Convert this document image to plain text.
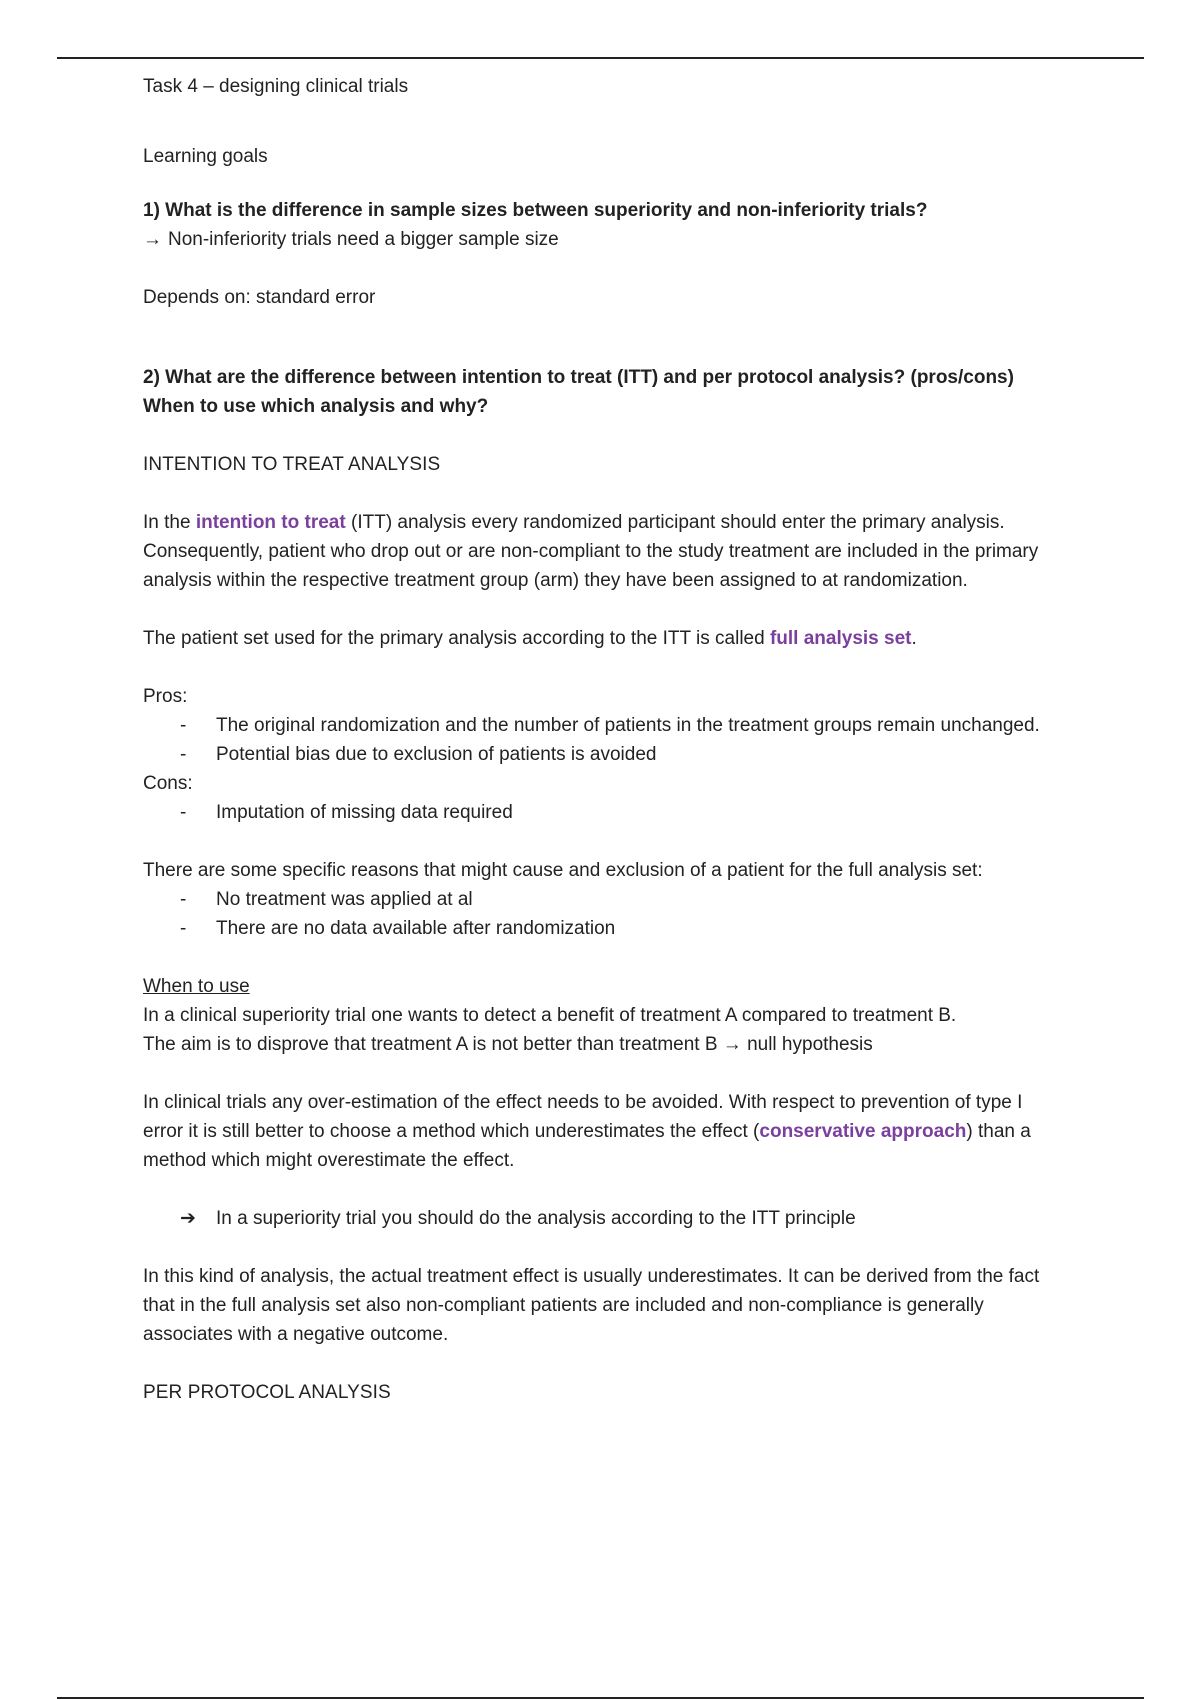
Task 4 – designing clinical trials

Learning goals

1) What is the difference in sample sizes between superiority and non-inferiority trials?

→ Non-inferiority trials need a bigger sample size

Depends on: standard error

2) What are the difference between intention to treat (ITT) and per protocol analysis? (pros/cons)

When to use which analysis and why?

INTENTION TO TREAT ANALYSIS

In the intention to treat (ITT) analysis every randomized participant should enter the primary analysis. Consequently, patient who drop out or are non-compliant to the study treatment are included in the primary analysis within the respective treatment group (arm) they have been assigned to at randomization.

The patient set used for the primary analysis according to the ITT is called full analysis set.

Pros:

-	The original randomization and the number of patients in the treatment groups remain unchanged.
-	Potential bias due to exclusion of patients is avoided

Cons:

-	Imputation of missing data required

There are some specific reasons that might cause and exclusion of a patient for the full analysis set:

-	No treatment was applied at al
-	There are no data available after randomization

When to use

In a clinical superiority trial one wants to detect a benefit of treatment A compared to treatment B.

The aim is to disprove that treatment A is not better than treatment B → null hypothesis

In clinical trials any over-estimation of the effect needs to be avoided. With respect to prevention of type I error it is still better to choose a method which underestimates the effect (conservative approach) than a method which might overestimate the effect.

➔ In a superiority trial you should do the analysis according to the ITT principle

In this kind of analysis, the actual treatment effect is usually underestimates. It can be derived from the fact that in the full analysis set also non-compliant patients are included and non-compliance is generally associates with a negative outcome.

PER PROTOCOL ANALYSIS
